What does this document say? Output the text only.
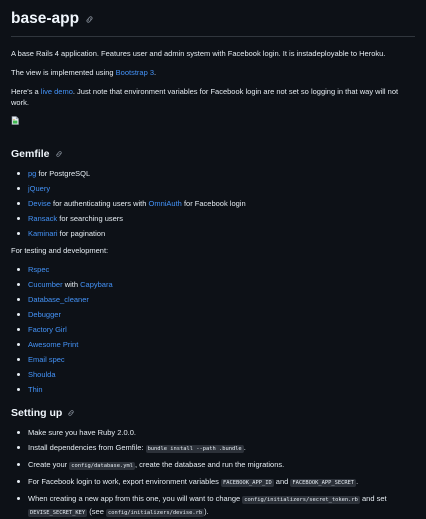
base-app

A base Rails 4 application. Features user and admin system with Facebook login. It is instadeployable to Heroku.

The view is implemented using Bootstrap 3.

Here's a live demo. Just note that environment variables for Facebook login are not set so logging in that way will not work.

Gemfile
pg for PostgreSQL
jQuery
Devise for authenticating users with OmniAuth for Facebook login
Ransack for searching users
Kaminari for pagination

For testing and development:

Rspec
Cucumber with Capybara
Database_cleaner
Debugger
Factory Girl
Awesome Print
Email spec
Shoulda
Thin
Setting up
Make sure you have Ruby 2.0.0.
Install dependencies from Gemfile: bundle install --path .bundle .
Create your config/database.yml , create the database and run the migrations.
For Facebook login to work, export environment variables FACEBOOK_APP_ID and FACEBOOK_APP_SECRET .
When creating a new app from this one, you will want to change config/initializers/secret_token.rb and set DEVISE_SECRET_KEY (see config/initializers/devise.rb ).
